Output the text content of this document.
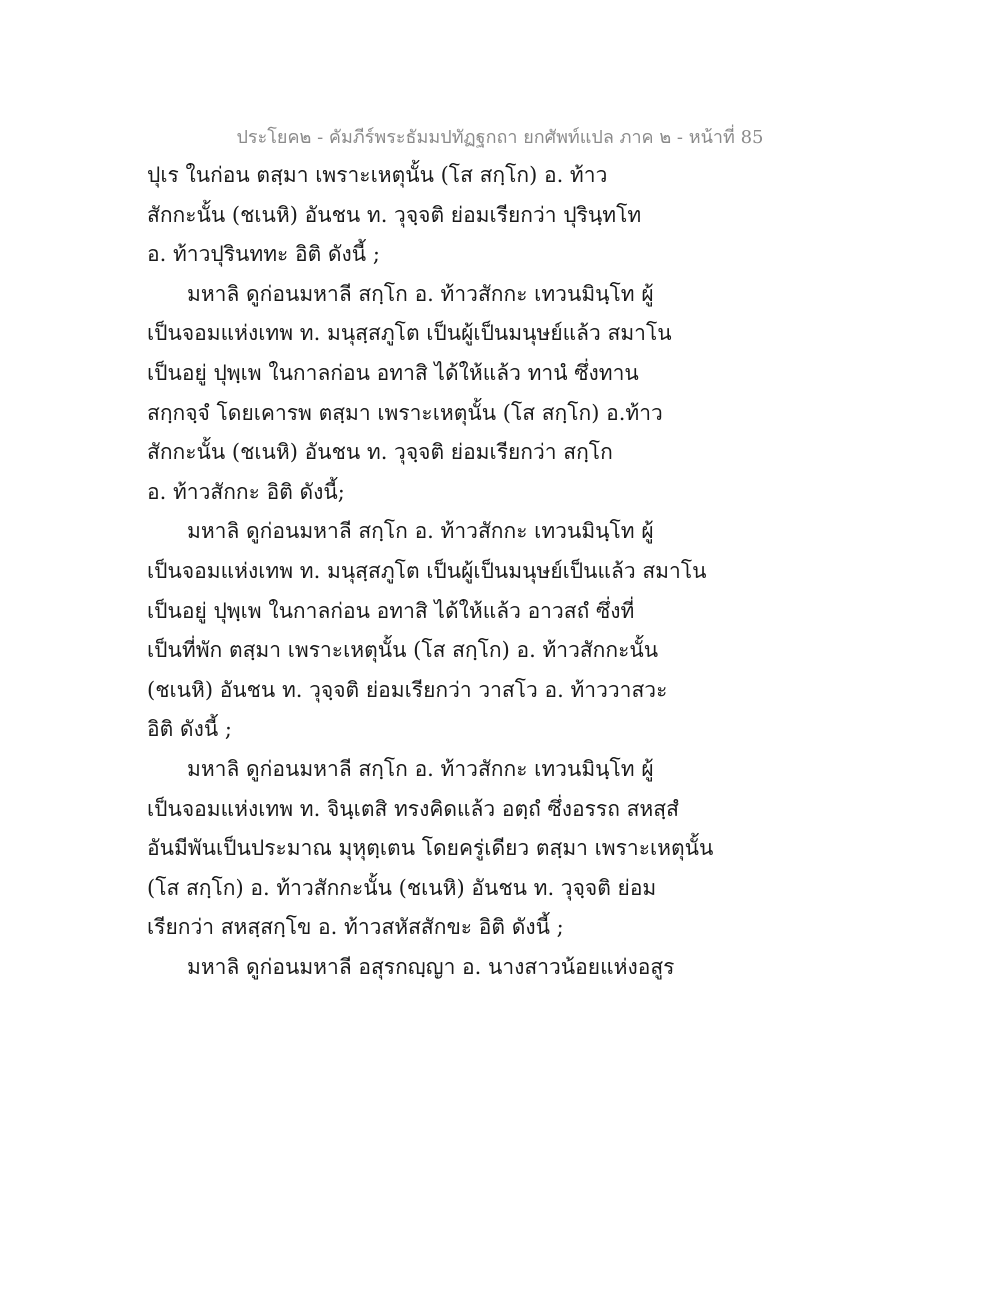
ประโยค๒ - คัมภีร์พระธัมมปทัฏฐกถา ยกศัพท์แปล ภาค ๒ - หน้าที่ 85
ปุเร ในก่อน ตสฺมา เพราะเหตุนั้น (โส สกฺโก) อ. ท้าว
สักกะนั้น (ชเนหิ) อันชน ท. วุจฺจติ ย่อมเรียกว่า ปุรินฺทโท
อ. ท้าวปุรินททะ อิติ ดังนี้ ;
มหาลิ ดูก่อนมหาลี สกฺโก อ. ท้าวสักกะ เทวนมินฺโท ผู้
เป็นจอมแห่งเทพ ท. มนุสฺสภูโต เป็นผู้เป็นมนุษย์แล้ว สมาโน
เป็นอยู่ ปุพฺเพ ในกาลก่อน อทาสิ ได้ให้แล้ว ทานํ ซึ่งทาน
สกฺกจฺจํ โดยเคารพ ตสฺมา เพราะเหตุนั้น (โส สกฺโก) อ.ท้าว
สักกะนั้น (ชเนหิ) อันชน ท. วุจฺจติ ย่อมเรียกว่า สกฺโก
อ. ท้าวสักกะ อิติ ดังนี้;
มหาลิ ดูก่อนมหาลี สกฺโก อ. ท้าวสักกะ เทวนมินฺโท ผู้
เป็นจอมแห่งเทพ ท. มนุสฺสภูโต เป็นผู้เป็นมนุษย์เป็นแล้ว สมาโน
เป็นอยู่ ปุพฺเพ ในกาลก่อน อทาสิ ได้ให้แล้ว อาวสถํ ซึ่งที่
เป็นที่พัก ตสฺมา เพราะเหตุนั้น (โส สกฺโก) อ. ท้าวสักกะนั้น
(ชเนหิ) อันชน ท. วุจฺจติ ย่อมเรียกว่า วาสโว อ. ท้าววาสวะ
อิติ ดังนี้ ;
มหาลิ ดูก่อนมหาลี สกฺโก อ. ท้าวสักกะ เทวนมินฺโท ผู้
เป็นจอมแห่งเทพ ท. จินฺเตสิ ทรงคิดแล้ว อตฺถํ ซึ่งอรรถ สหสฺสํ
อันมีพันเป็นประมาณ มุหุตฺเตน โดยครู่เดียว ตสฺมา เพราะเหตุนั้น
(โส สกฺโก) อ. ท้าวสักกะนั้น (ชเนหิ) อันชน ท. วุจฺจติ ย่อม
เรียกว่า สหสฺสกฺโข อ. ท้าวสหัสสักขะ อิติ ดังนี้ ;
มหาลิ ดูก่อนมหาลี อสุรกญฺญา อ. นางสาวน้อยแห่งอสูร
